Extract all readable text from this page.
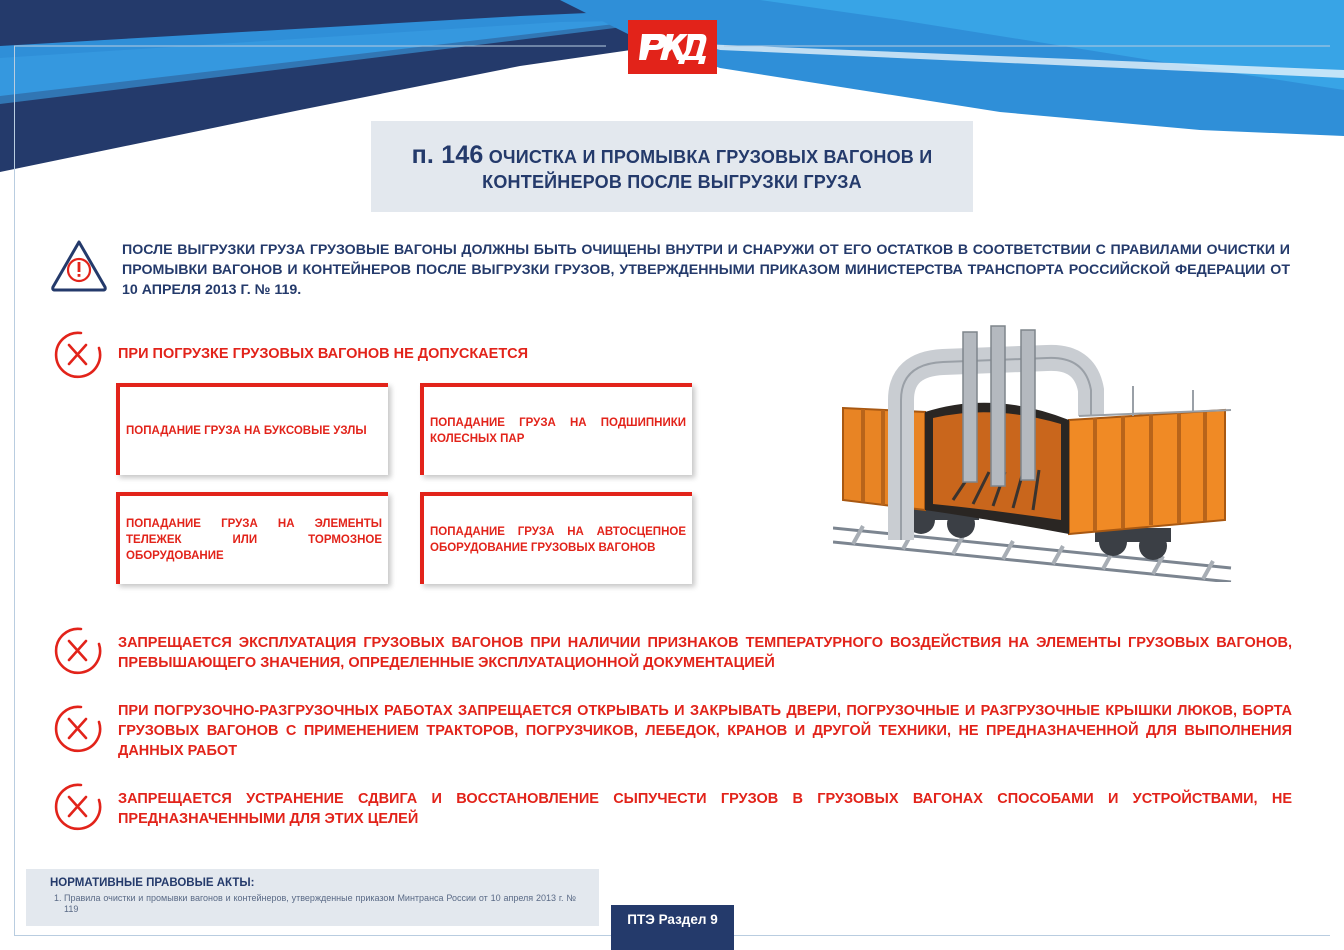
п. 146 ОЧИСТКА И ПРОМЫВКА ГРУЗОВЫХ ВАГОНОВ И
КОНТЕЙНЕРОВ ПОСЛЕ ВЫГРУЗКИ ГРУЗА
ПОСЛЕ ВЫГРУЗКИ ГРУЗА ГРУЗОВЫЕ ВАГОНЫ ДОЛЖНЫ БЫТЬ ОЧИЩЕНЫ ВНУТРИ И СНАРУЖИ ОТ ЕГО ОСТАТКОВ В СООТВЕТСТВИИ С ПРАВИЛАМИ ОЧИСТКИ И ПРОМЫВКИ ВАГОНОВ И КОНТЕЙНЕРОВ ПОСЛЕ ВЫГРУЗКИ ГРУЗОВ, УТВЕРЖДЕННЫМИ ПРИКАЗОМ МИНИСТЕРСТВА ТРАНСПОРТА РОССИЙСКОЙ ФЕДЕРАЦИИ ОТ 10 АПРЕЛЯ 2013 Г. № 119.
ПРИ ПОГРУЗКЕ ГРУЗОВЫХ ВАГОНОВ НЕ ДОПУСКАЕТСЯ
ПОПАДАНИЕ ГРУЗА НА БУКСОВЫЕ УЗЛЫ
ПОПАДАНИЕ ГРУЗА НА ПОДШИПНИКИ КОЛЕСНЫХ ПАР
ПОПАДАНИЕ ГРУЗА НА ЭЛЕМЕНТЫ ТЕЛЕЖЕК ИЛИ ТОРМОЗНОЕ ОБОРУДОВАНИЕ
ПОПАДАНИЕ ГРУЗА НА АВТОСЦЕПНОЕ ОБОРУДОВАНИЕ ГРУЗОВЫХ ВАГОНОВ
ЗАПРЕЩАЕТСЯ ЭКСПЛУАТАЦИЯ ГРУЗОВЫХ ВАГОНОВ ПРИ НАЛИЧИИ ПРИЗНАКОВ ТЕМПЕРАТУРНОГО ВОЗДЕЙСТВИЯ НА ЭЛЕМЕНТЫ ГРУЗОВЫХ ВАГОНОВ, ПРЕВЫШАЮЩЕГО ЗНАЧЕНИЯ, ОПРЕДЕЛЕННЫЕ ЭКСПЛУАТАЦИОННОЙ ДОКУМЕНТАЦИЕЙ
ПРИ ПОГРУЗОЧНО-РАЗГРУЗОЧНЫХ РАБОТАХ ЗАПРЕЩАЕТСЯ ОТКРЫВАТЬ И ЗАКРЫВАТЬ ДВЕРИ, ПОГРУЗОЧНЫЕ И РАЗГРУЗОЧНЫЕ КРЫШКИ ЛЮКОВ, БОРТА ГРУЗОВЫХ ВАГОНОВ С ПРИМЕНЕНИЕМ ТРАКТОРОВ, ПОГРУЗЧИКОВ, ЛЕБЕДОК, КРАНОВ И ДРУГОЙ ТЕХНИКИ, НЕ ПРЕДНАЗНАЧЕННОЙ ДЛЯ ВЫПОЛНЕНИЯ ДАННЫХ РАБОТ
ЗАПРЕЩАЕТСЯ УСТРАНЕНИЕ СДВИГА И ВОССТАНОВЛЕНИЕ СЫПУЧЕСТИ ГРУЗОВ В ГРУЗОВЫХ ВАГОНАХ СПОСОБАМИ И УСТРОЙСТВАМИ, НЕ ПРЕДНАЗНАЧЕННЫМИ ДЛЯ ЭТИХ ЦЕЛЕЙ
НОРМАТИВНЫЕ ПРАВОВЫЕ АКТЫ:
1. Правила очистки и промывки вагонов и контейнеров, утвержденные приказом Минтранса России от 10 апреля 2013 г. № 119
ПТЭ Раздел 9
